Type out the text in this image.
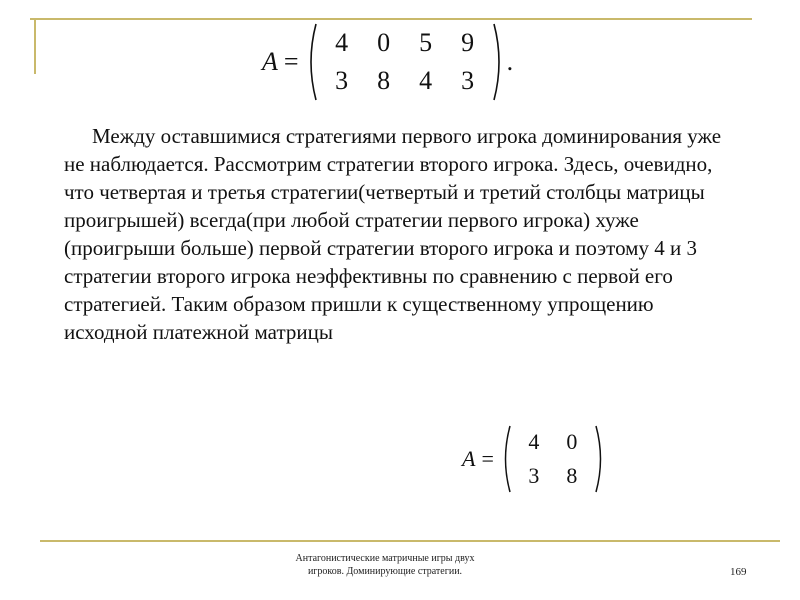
A =
4	0	5	9
3	8	4	3
.

Между оставшимися стратегиями первого игрока доминирования уже не наблюдается. Рассмотрим стратегии второго игрока. Здесь, очевидно, что четвертая и третья стратегии(четвертый и третий столбцы матрицы проигрышей) всегда(при любой стратегии первого игрока) хуже (проигрыши больше) первой стратегии второго игрока и поэтому 4 и 3 стратегии второго игрока неэффективны по сравнению с первой его стратегией. Таким образом пришли к существенному упрощению исходной платежной матрицы

A =
4	0
3	8
Антагонистические матричные игры двух
игроков. Доминирующие стратегии.	169
